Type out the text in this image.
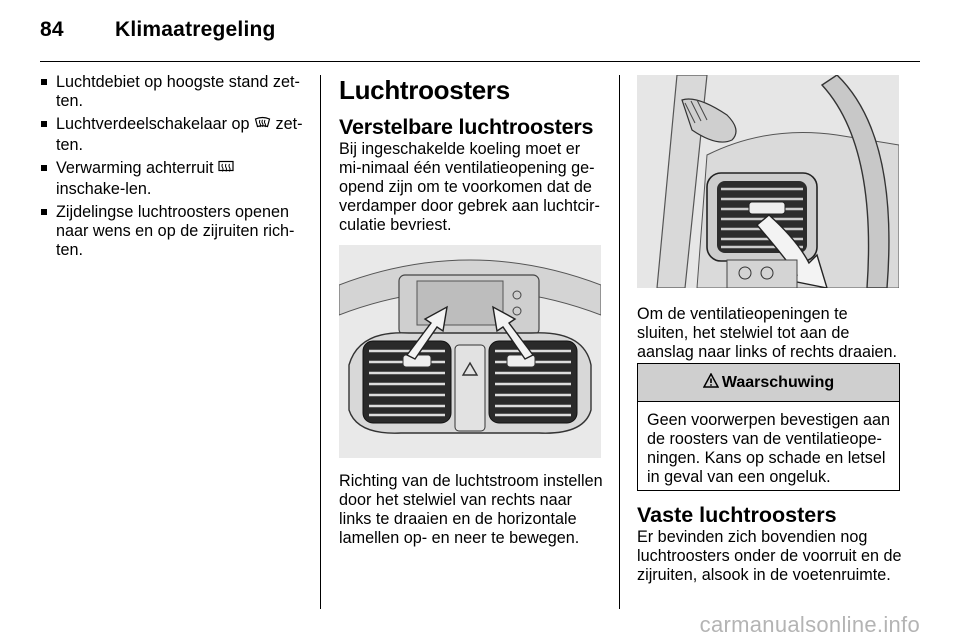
84 Klimaatregeling
Luchtdebiet op hoogste stand zet-ten.
Luchtverdeelschakelaar op  zet-ten.
Verwarming achterruit  inschake-len.
Zijdelingse luchtroosters openen naar wens en op de zijruiten rich-ten.
Luchtroosters
Verstelbare luchtroosters
Bij ingeschakelde koeling moet er mi-nimaal één ventilatieopening ge-opend zijn om te voorkomen dat de verdamper door gebrek aan luchtcir-culatie bevriest.
Richting van de luchtstroom instellen door het stelwiel van rechts naar links te draaien en de horizontale lamellen op- en neer te bewegen.
Om de ventilatieopeningen te sluiten, het stelwiel tot aan de aanslag naar links of rechts draaien.
Waarschuwing
Geen voorwerpen bevestigen aan de roosters van de ventilatieope-ningen. Kans op schade en letsel in geval van een ongeluk.
Vaste luchtroosters
Er bevinden zich bovendien nog luchtroosters onder de voorruit en de zijruiten, alsook in de voetenruimte.
carmanualsonline.info
